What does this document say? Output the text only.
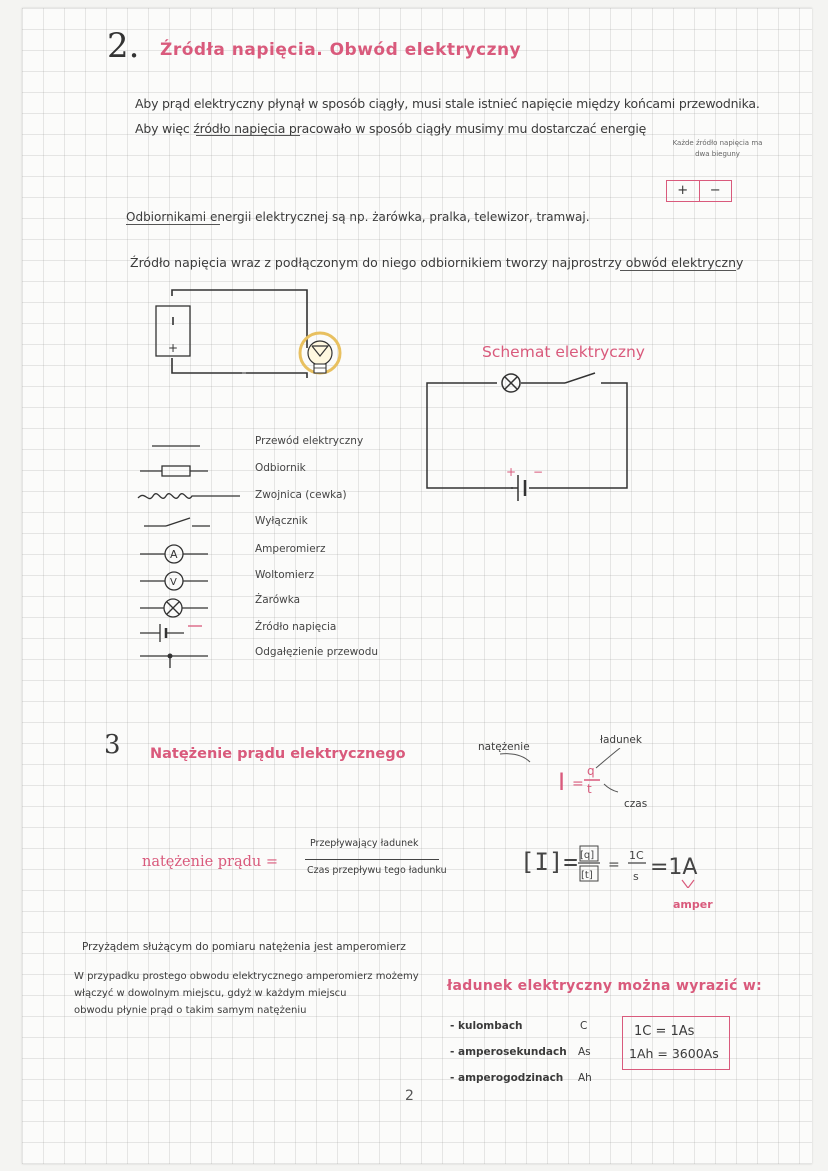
2. Źródła napięcia. Obwód elektryczny
Aby prąd elektryczny płynął w sposób ciągły, musi stale istnieć napięcie między końcami przewodnika.
Aby więc źródło napięcia pracowało w sposób ciągły musimy mu dostarczać energię
Każde źródło napięcia ma dwa bieguny
+	−
Odbiornikami energii elektrycznej są np. żarówka, pralka, telewizor, tramwaj.
Źródło napięcia wraz z podłączonym do niego odbiornikiem tworzy najprostrzy obwód elektryczny
+	Schemat elektryczny
+ −
A
V
Przewód elektryczny
Odbiornik
Zwojnica (cewka)
Wyłącznik
Amperomierz
Woltomierz
Żarówka
Źródło napięcia
Odgałęzienie przewodu
3 Natężenie prądu elektrycznego
natężenie prądu =
Przepływający ładunek
Czas przepływu tego ładunku
natężenie
ładunek
czas
I =
q
t
[I]= [q]
[t]
=
1C
s =1A
amper
Przyżądem służącym do pomiaru natężenia jest amperomierz
W przypadku prostego obwodu elektrycznego amperomierz możemy
włączyć w dowolnym miejscu, gdyż w każdym miejscu
obwodu płynie prąd o takim samym natężeniu
ładunek elektryczny można wyrazić w:
- kulombach	C
- amperosekundach As
- amperogodzinach Ah
1C = 1As
1Ah = 3600As
2
